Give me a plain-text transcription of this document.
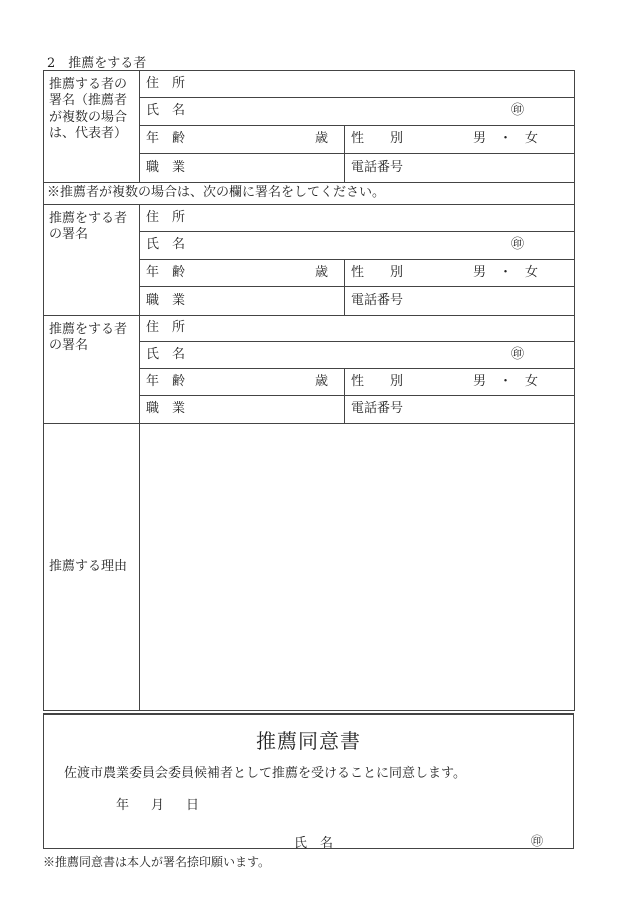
2　推薦をする者
推薦する者の署名（推薦者が複数の場合は、代表者）	住　所	
	氏　名 ㊞	

	年　齢 歳	性　　別 男　・　女

	職　業	電話番号
※推薦者が複数の場合は、次の欄に署名をしてください。		
推薦をする者の署名	住　所	
	氏　名 ㊞	

	年　齢 歳	性　　別 男　・　女

	職　業	電話番号
推薦をする者の署名	住　所	
	氏　名 ㊞	

	年　齢 歳	性　　別 男　・　女

	職　業	電話番号
推薦する理由		
推薦同意書
佐渡市農業委員会委員候補者として推薦を受けることに同意します。
年 月 日
氏　名	㊞
※推薦同意書は本人が署名捺印願います。
